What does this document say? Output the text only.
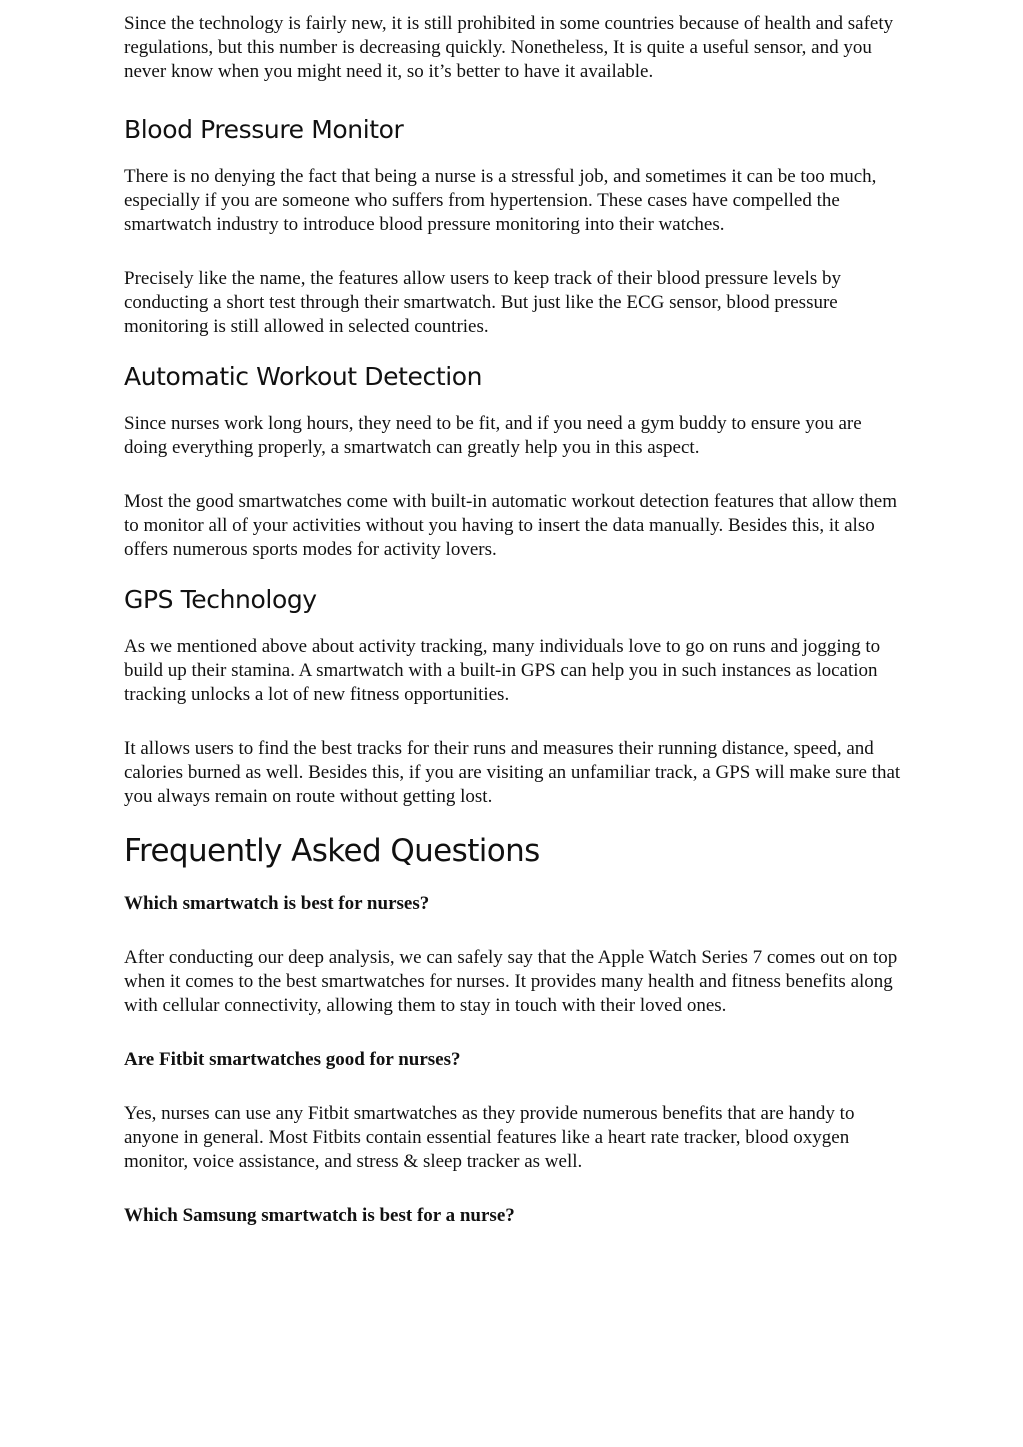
Since the technology is fairly new, it is still prohibited in some countries because of health and safety regulations, but this number is decreasing quickly. Nonetheless, It is quite a useful sensor, and you never know when you might need it, so it’s better to have it available.

Blood Pressure Monitor

There is no denying the fact that being a nurse is a stressful job, and sometimes it can be too much, especially if you are someone who suffers from hypertension. These cases have compelled the smartwatch industry to introduce blood pressure monitoring into their watches.

Precisely like the name, the features allow users to keep track of their blood pressure levels by conducting a short test through their smartwatch. But just like the ECG sensor, blood pressure monitoring is still allowed in selected countries.

Automatic Workout Detection

Since nurses work long hours, they need to be fit, and if you need a gym buddy to ensure you are doing everything properly, a smartwatch can greatly help you in this aspect.

Most the good smartwatches come with built-in automatic workout detection features that allow them to monitor all of your activities without you having to insert the data manually. Besides this, it also offers numerous sports modes for activity lovers.

GPS Technology

As we mentioned above about activity tracking, many individuals love to go on runs and jogging to build up their stamina. A smartwatch with a built-in GPS can help you in such instances as location tracking unlocks a lot of new fitness opportunities.

It allows users to find the best tracks for their runs and measures their running distance, speed, and calories burned as well. Besides this, if you are visiting an unfamiliar track, a GPS will make sure that you always remain on route without getting lost.

Frequently Asked Questions

Which smartwatch is best for nurses?

After conducting our deep analysis, we can safely say that the Apple Watch Series 7 comes out on top when it comes to the best smartwatches for nurses. It provides many health and fitness benefits along with cellular connectivity, allowing them to stay in touch with their loved ones.

Are Fitbit smartwatches good for nurses?

Yes, nurses can use any Fitbit smartwatches as they provide numerous benefits that are handy to anyone in general. Most Fitbits contain essential features like a heart rate tracker, blood oxygen monitor, voice assistance, and stress & sleep tracker as well.

Which Samsung smartwatch is best for a nurse?
